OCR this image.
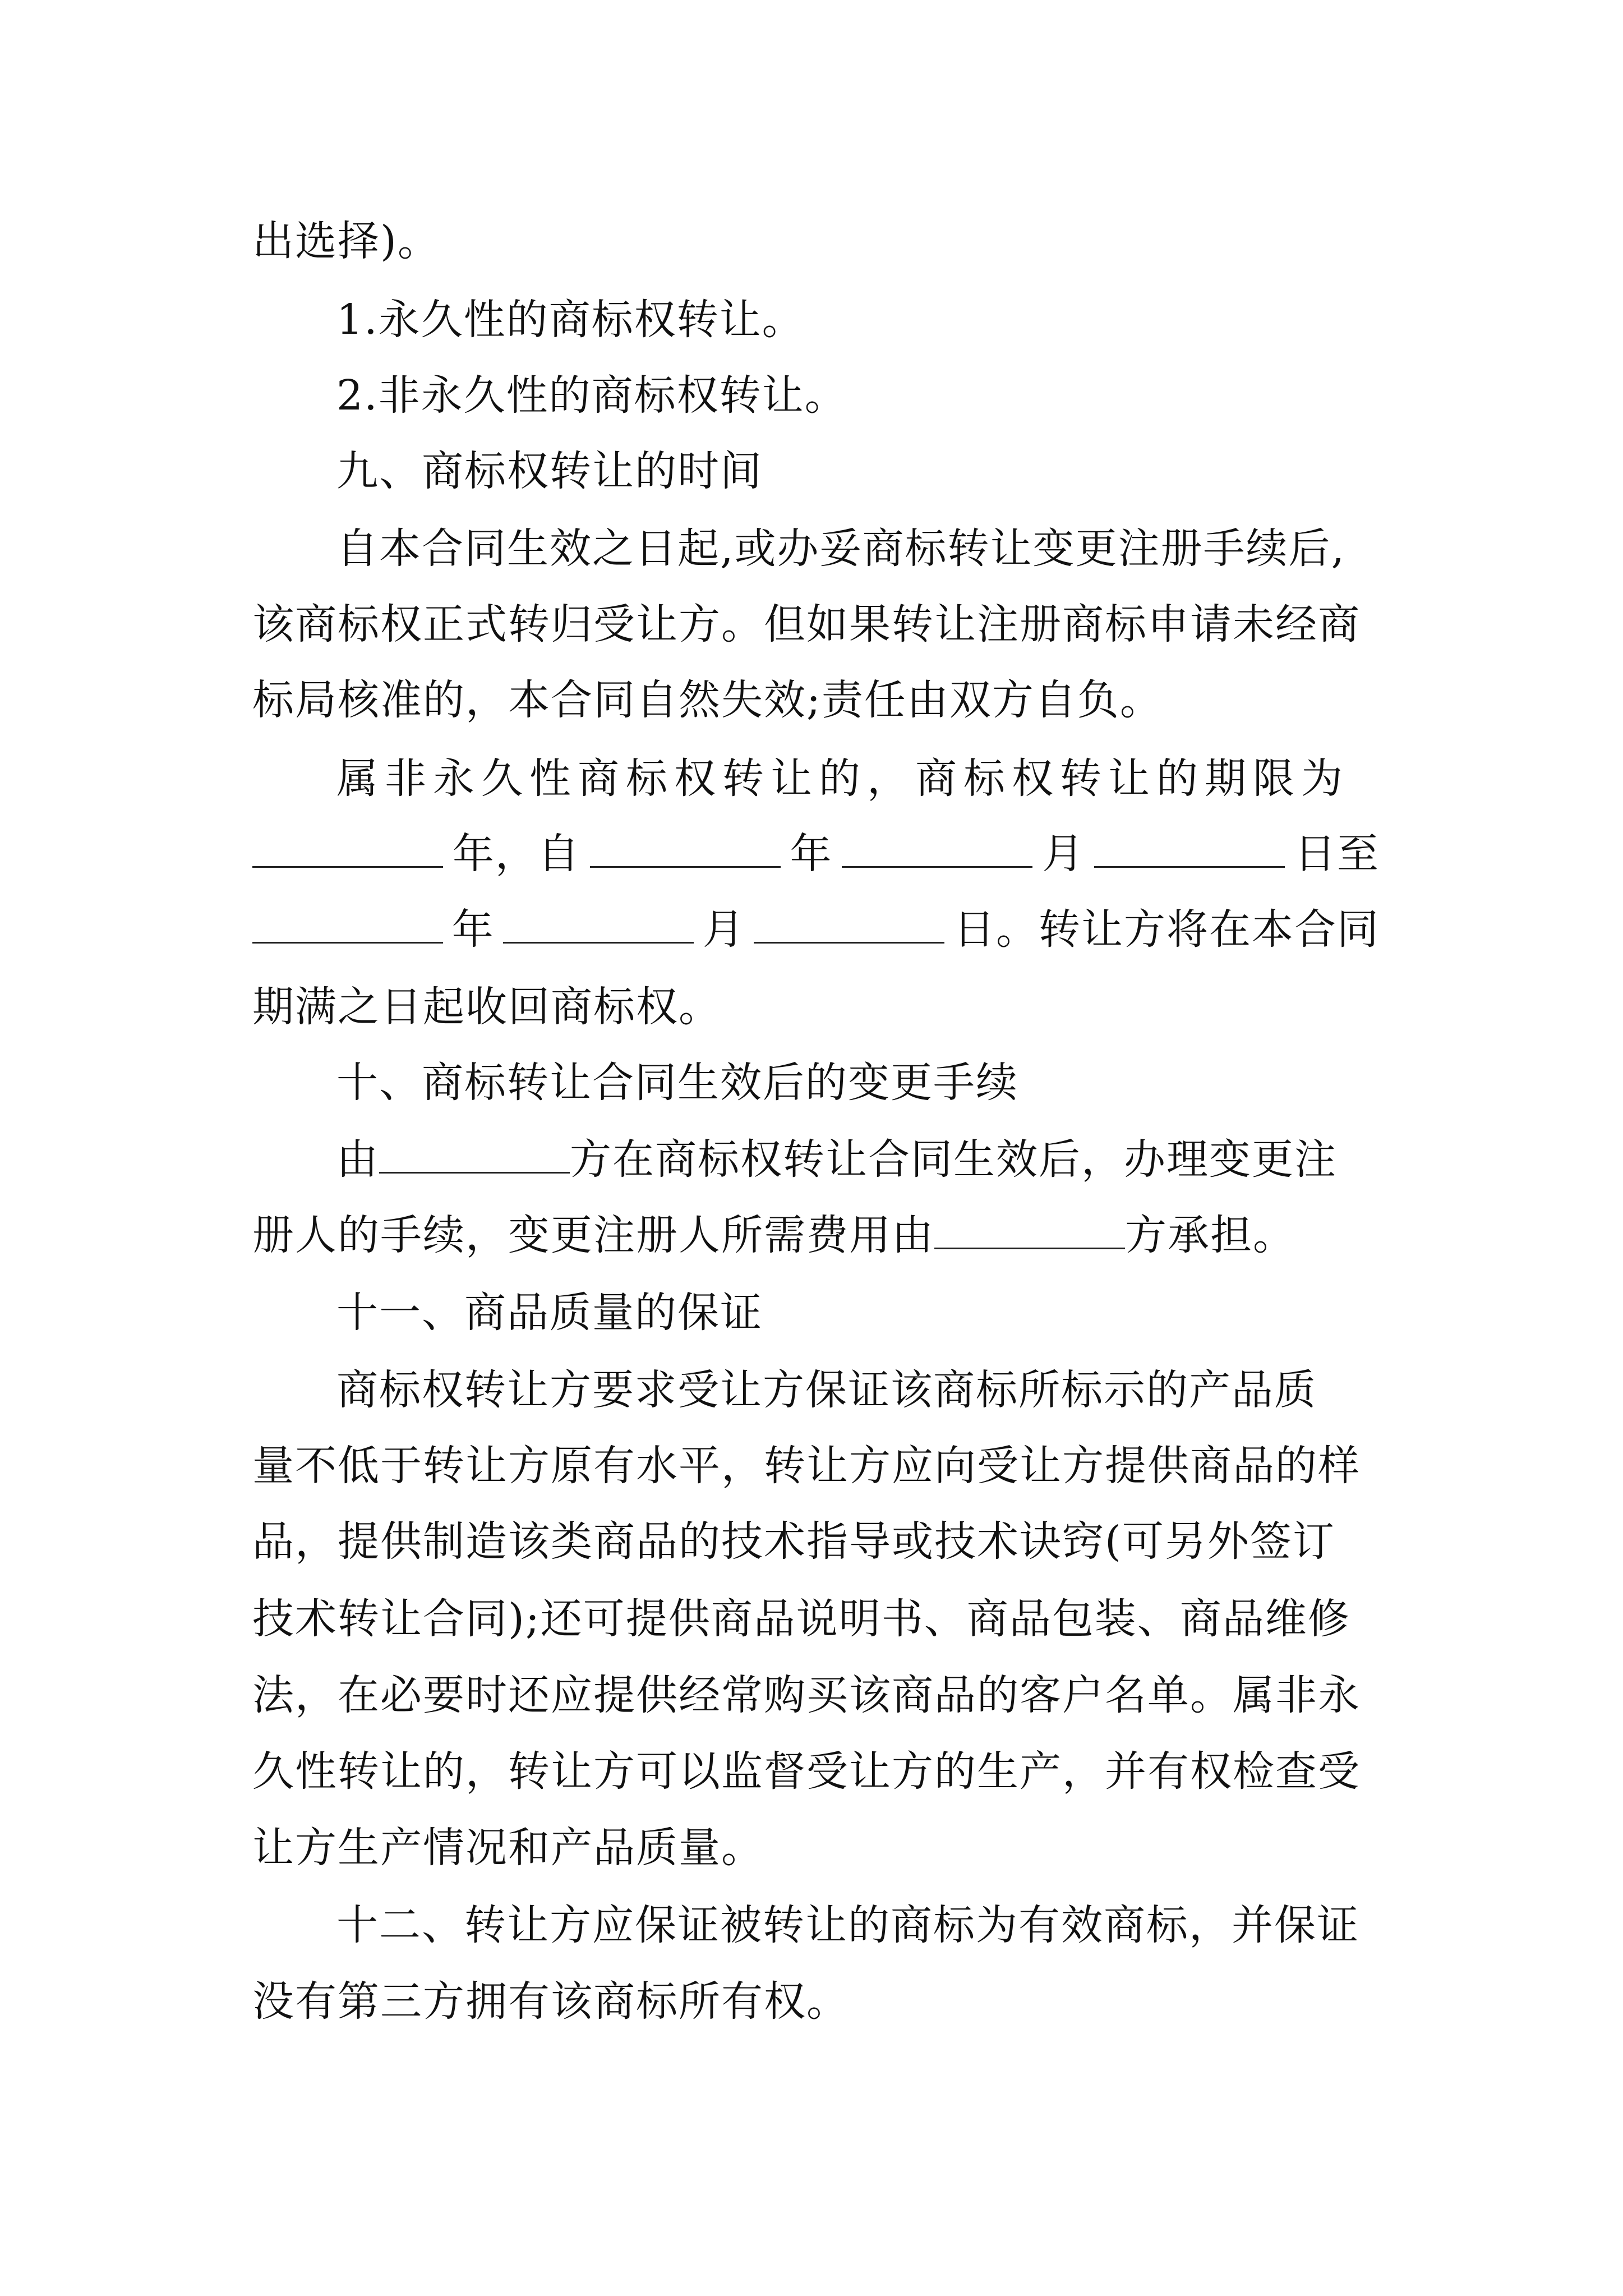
出选择)。
1.永久性的商标权转让。
2.非永久性的商标权转让。
九、商标权转让的时间
自本合同生效之日起,或办妥商标转让变更注册手续后,
该商标权正式转归受让方。但如果转让注册商标申请未经商
标局核准的，本合同自然失效;责任由双方自负。
属非永久性商标权转让的，商标权转让的期限为
年，自	年	月	日至
年	月	日。转让方将在本合同
期满之日起收回商标权。
十、商标转让合同生效后的变更手续
由	方在商标权转让合同生效后，办理变更注
册人的手续，变更注册人所需费用由	方承担。
十一、商品质量的保证
商标权转让方要求受让方保证该商标所标示的产品质
量不低于转让方原有水平，转让方应向受让方提供商品的样
品，提供制造该类商品的技术指导或技术诀窍(可另外签订
技术转让合同);还可提供商品说明书、商品包装、商品维修
法，在必要时还应提供经常购买该商品的客户名单。属非永
久性转让的，转让方可以监督受让方的生产，并有权检查受
让方生产情况和产品质量。
十二、转让方应保证被转让的商标为有效商标，并保证
没有第三方拥有该商标所有权。
